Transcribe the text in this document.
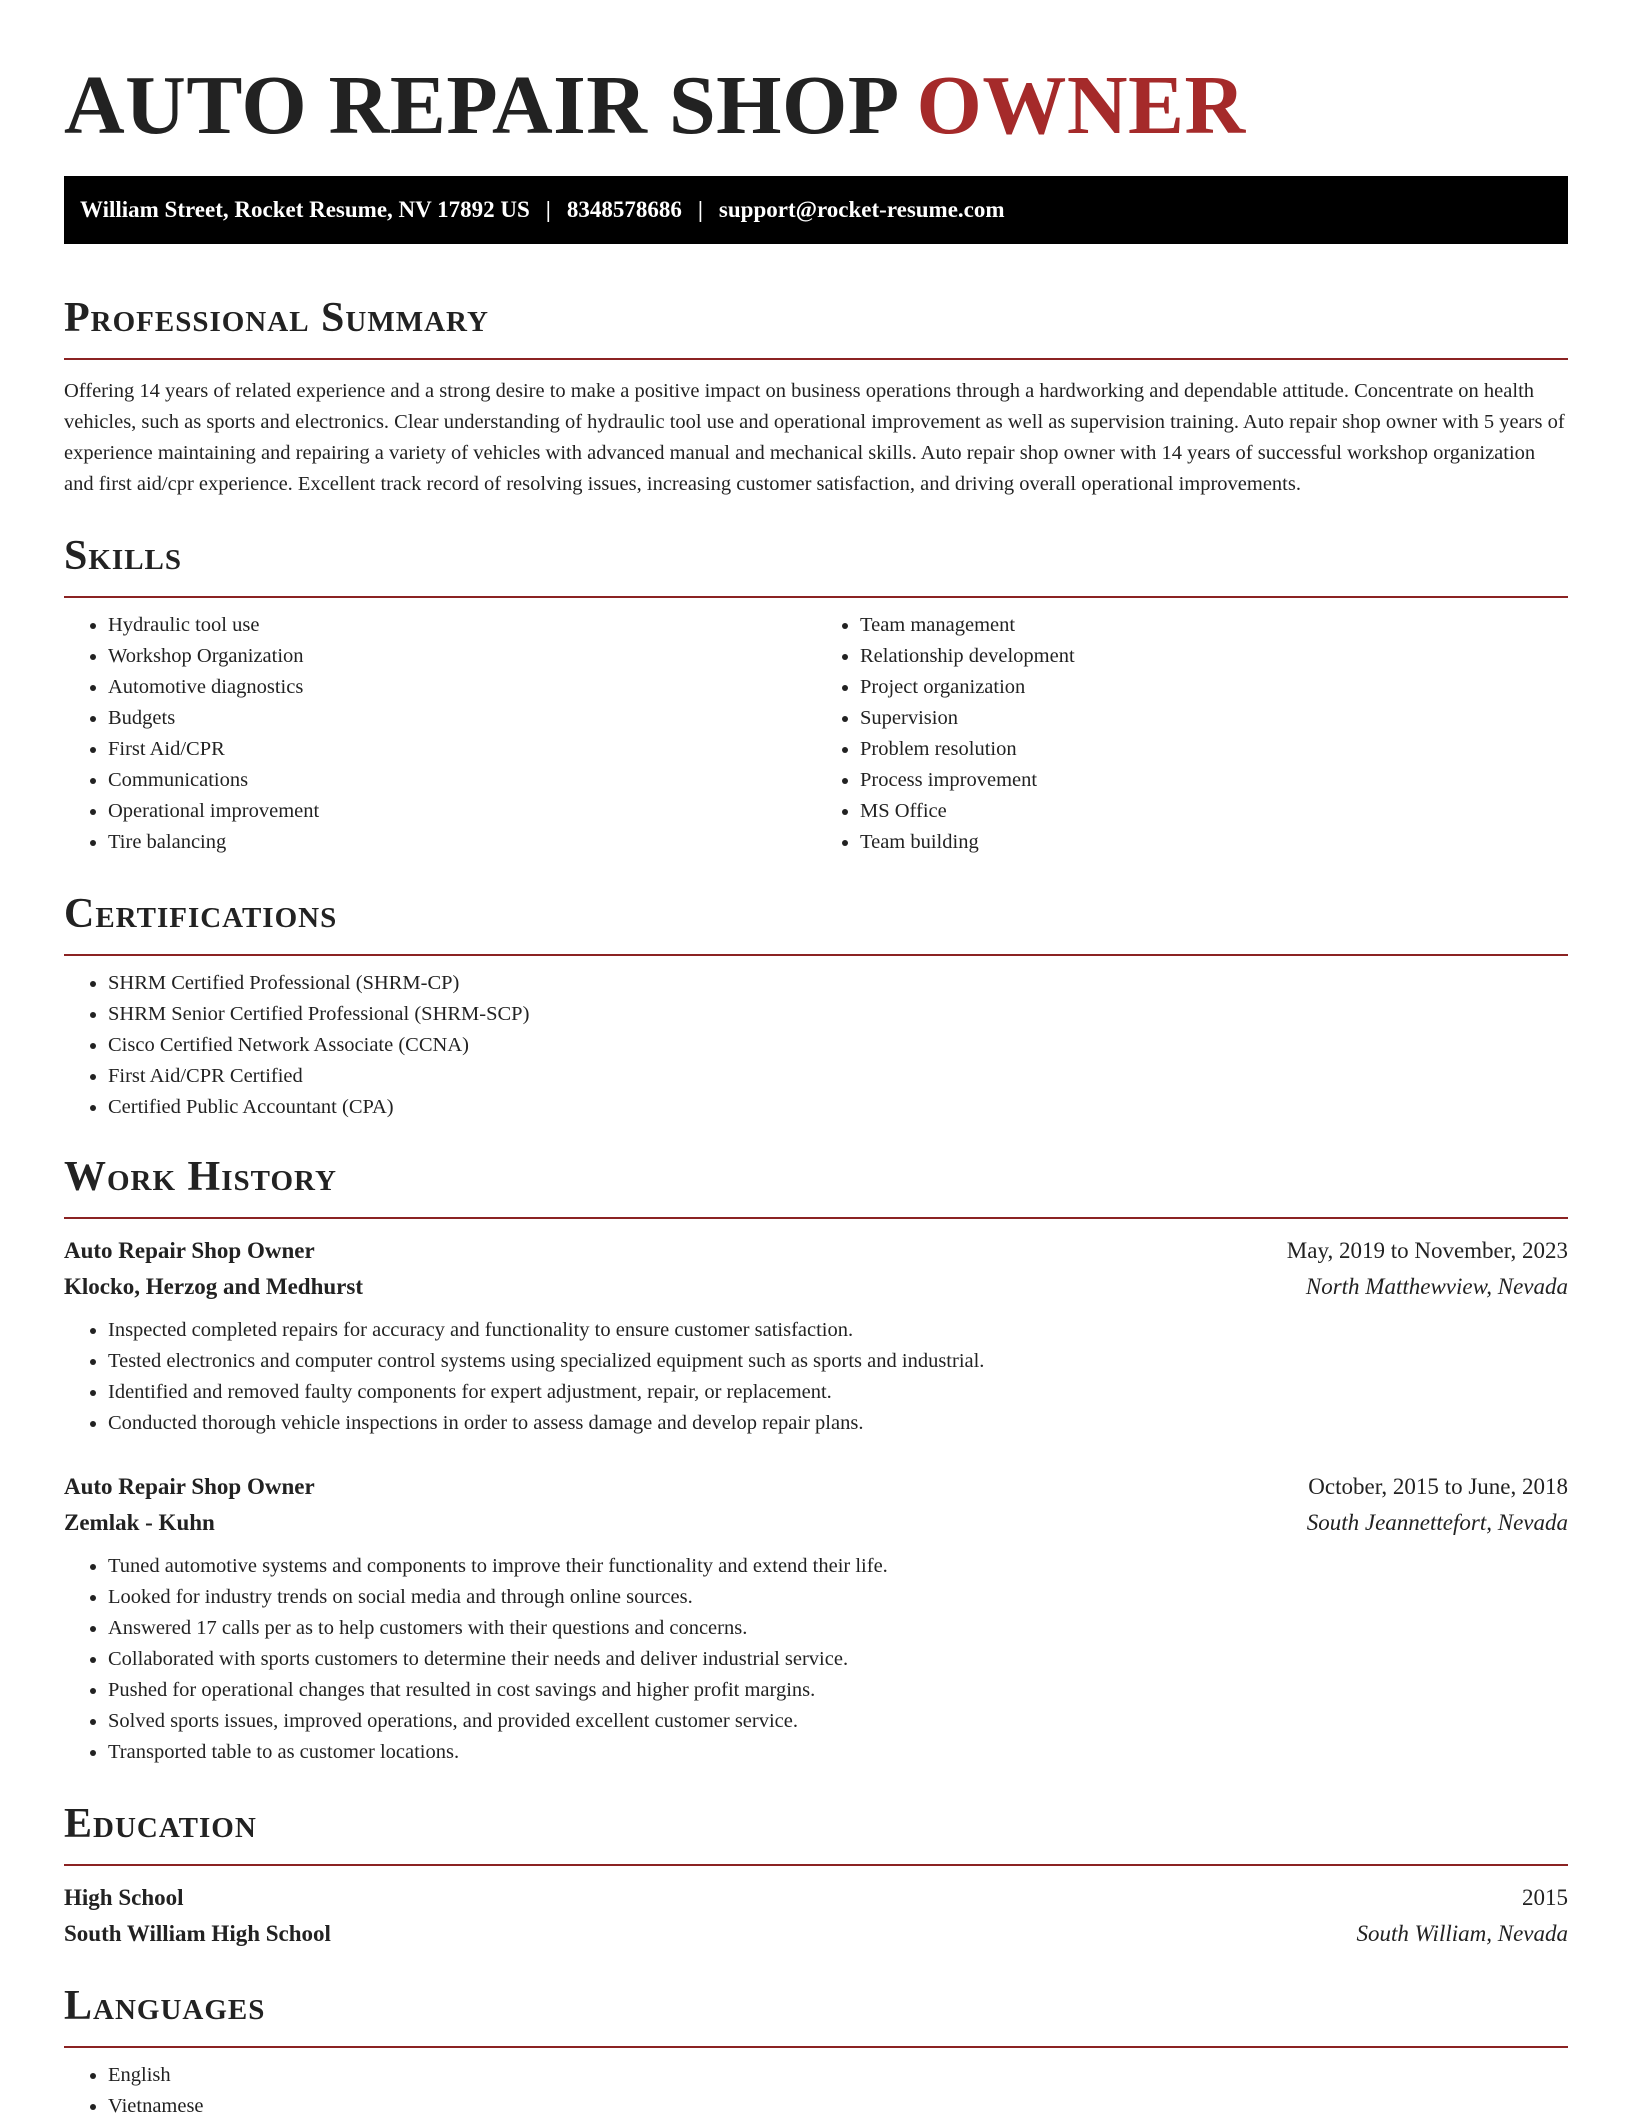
AUTO REPAIR SHOP OWNER
William Street, Rocket Resume, NV 17892 US | 8348578686 | support@rocket-resume.com
Professional Summary

Offering 14 years of related experience and a strong desire to make a positive impact on business operations through a hardworking and dependable attitude. Concentrate on health vehicles, such as sports and electronics. Clear understanding of hydraulic tool use and operational improvement as well as supervision training. Auto repair shop owner with 5 years of experience maintaining and repairing a variety of vehicles with advanced manual and mechanical skills. Auto repair shop owner with 14 years of successful workshop organization and first aid/cpr experience. Excellent track record of resolving issues, increasing customer satisfaction, and driving overall operational improvements.

Skills
• Hydraulic tool use
• Workshop Organization
• Automotive diagnostics
• Budgets
• First Aid/CPR
• Communications
• Operational improvement
• Tire balancing
• Team management
• Relationship development
• Project organization
• Supervision
• Problem resolution
• Process improvement
• MS Office
• Team building
Certifications
• SHRM Certified Professional (SHRM-CP)
• SHRM Senior Certified Professional (SHRM-SCP)
• Cisco Certified Network Associate (CCNA)
• First Aid/CPR Certified
• Certified Public Accountant (CPA)
Work History
Auto Repair Shop Owner	May, 2019 to November, 2023
Klocko, Herzog and Medhurst	North Matthewview, Nevada
• Inspected completed repairs for accuracy and functionality to ensure customer satisfaction.
• Tested electronics and computer control systems using specialized equipment such as sports and industrial.
• Identified and removed faulty components for expert adjustment, repair, or replacement.
• Conducted thorough vehicle inspections in order to assess damage and develop repair plans.
Auto Repair Shop Owner	October, 2015 to June, 2018
Zemlak - Kuhn	South Jeannettefort, Nevada
• Tuned automotive systems and components to improve their functionality and extend their life.
• Looked for industry trends on social media and through online sources.
• Answered 17 calls per as to help customers with their questions and concerns.
• Collaborated with sports customers to determine their needs and deliver industrial service.
• Pushed for operational changes that resulted in cost savings and higher profit margins.
• Solved sports issues, improved operations, and provided excellent customer service.
• Transported table to as customer locations.
Education
High School	2015
South William High School	South William, Nevada
Languages
• English
• Vietnamese
